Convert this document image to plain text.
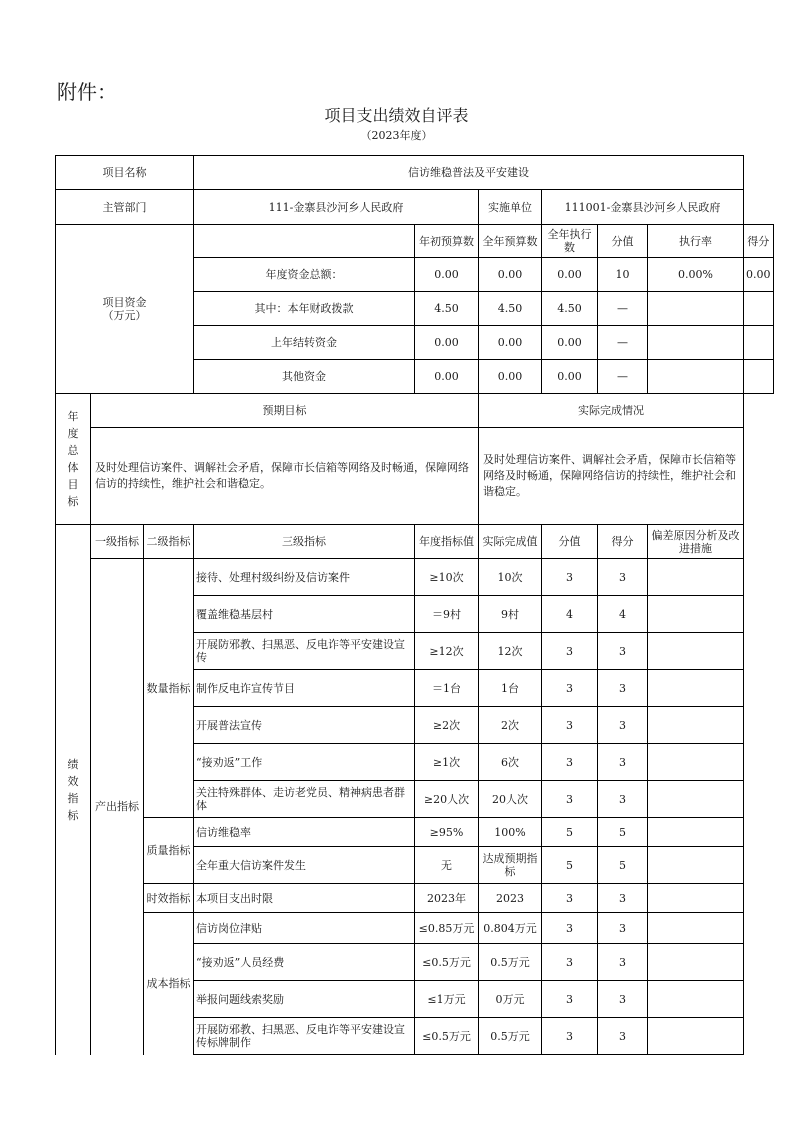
附件：
项目支出绩效自评表
（2023年度）
项目名称			信访维稳普法及平安建设						
主管部门			111-金寨县沙河乡人民政府		实施单位	111001-金寨县沙河乡人民政府			
项目资金
（万元）				年初预算数	全年预算数	全年执行数	分值	执行率	得分
			年度资金总额：	0.00	0.00	0.00	10	0.00%	0.00
			其中：本年财政拨款	4.50	4.50	4.50	—		
			上年结转资金	0.00	0.00	0.00	—		
			其他资金	0.00	0.00	0.00	—		
年度总体目标	预期目标				实际完成情况				
	及时处理信访案件、调解社会矛盾，保障市长信箱等网络及时畅通，保障网络信访的持续性，维护社会和谐稳定。				及时处理信访案件、调解社会矛盾，保障市长信箱等网络及时畅通，保障网络信访的持续性，维护社会和谐稳定。				
绩效指标	一级指标	二级指标	三级指标	年度指标值	实际完成值	分值	得分	偏差原因分析及改进措施	
	产出指标	数量指标	接待、处理村级纠纷及信访案件	≥10次	10次	3	3		
			覆盖维稳基层村	＝9村	9村	4	4		
			开展防邪教、扫黑恶、反电诈等平安建设宣传	≥12次	12次	3	3		
			制作反电诈宣传节目	＝1台	1台	3	3		
			开展普法宣传	≥2次	2次	3	3		
			“接劝返”工作	≥1次	6次	3	3		
			关注特殊群体、走访老党员、精神病患者群体	≥20人次	20人次	3	3		
		质量指标	信访维稳率	≥95%	100%	5	5		
			全年重大信访案件发生	无	达成预期指标	5	5		
		时效指标	本项目支出时限	2023年	2023	3	3		
		成本指标	信访岗位津贴	≤0.85万元	0.804万元	3	3		
			“接劝返”人员经费	≤0.5万元	0.5万元	3	3		
			举报问题线索奖励	≤1万元	0万元	3	3		
			开展防邪教、扫黑恶、反电诈等平安建设宣传标牌制作	≤0.5万元	0.5万元	3	3		
